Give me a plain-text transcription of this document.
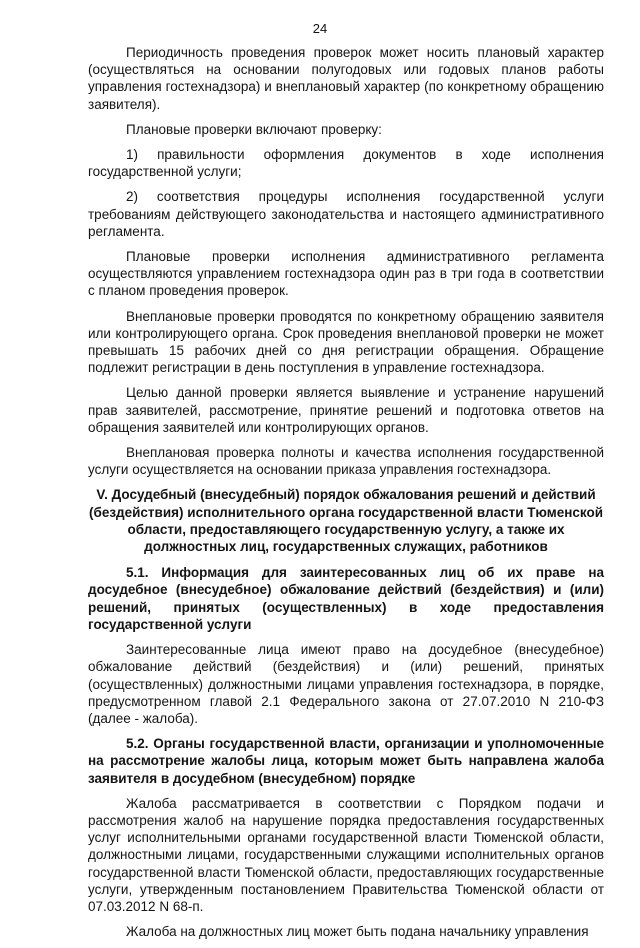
24

Периодичность проведения проверок может носить плановый характер (осуществляться на основании полугодовых или годовых планов работы управления гостехнадзора) и внеплановый характер (по конкретному обращению заявителя).

Плановые проверки включают проверку:

1) правильности оформления документов в ходе исполнения государственной услуги;

2) соответствия процедуры исполнения государственной услуги требованиям действующего законодательства и настоящего административного регламента.

Плановые проверки исполнения административного регламента осуществляются управлением гостехнадзора один раз в три года в соответствии с планом проведения проверок.

Внеплановые проверки проводятся по конкретному обращению заявителя или контролирующего органа. Срок проведения внеплановой проверки не может превышать 15 рабочих дней со дня регистрации обращения. Обращение подлежит регистрации в день поступления в управление гостехнадзора.

Целью данной проверки является выявление и устранение нарушений прав заявителей, рассмотрение, принятие решений и подготовка ответов на обращения заявителей или контролирующих органов.

Внеплановая проверка полноты и качества исполнения государственной услуги осуществляется на основании приказа управления гостехнадзора.

V. Досудебный (внесудебный) порядок обжалования решений и действий (бездействия) исполнительного органа государственной власти Тюменской области, предоставляющего государственную услугу, а также их должностных лиц, государственных служащих, работников

5.1. Информация для заинтересованных лиц об их праве на досудебное (внесудебное) обжалование действий (бездействия) и (или) решений, принятых (осуществленных) в ходе предоставления государственной услуги

Заинтересованные лица имеют право на досудебное (внесудебное) обжалование действий (бездействия) и (или) решений, принятых (осуществленных) должностными лицами управления гостехнадзора, в порядке, предусмотренном главой 2.1 Федерального закона от 27.07.2010 N 210-ФЗ (далее - жалоба).

5.2. Органы государственной власти, организации и уполномоченные на рассмотрение жалобы лица, которым может быть направлена жалоба заявителя в досудебном (внесудебном) порядке

Жалоба рассматривается в соответствии с Порядком подачи и рассмотрения жалоб на нарушение порядка предоставления государственных услуг исполнительными органами государственной власти Тюменской области, должностными лицами, государственными служащими исполнительных органов государственной власти Тюменской области, предоставляющих государственные услуги, утвержденным постановлением Правительства Тюменской области от 07.03.2012 N 68-п.

Жалоба на должностных лиц может быть подана начальнику управления
